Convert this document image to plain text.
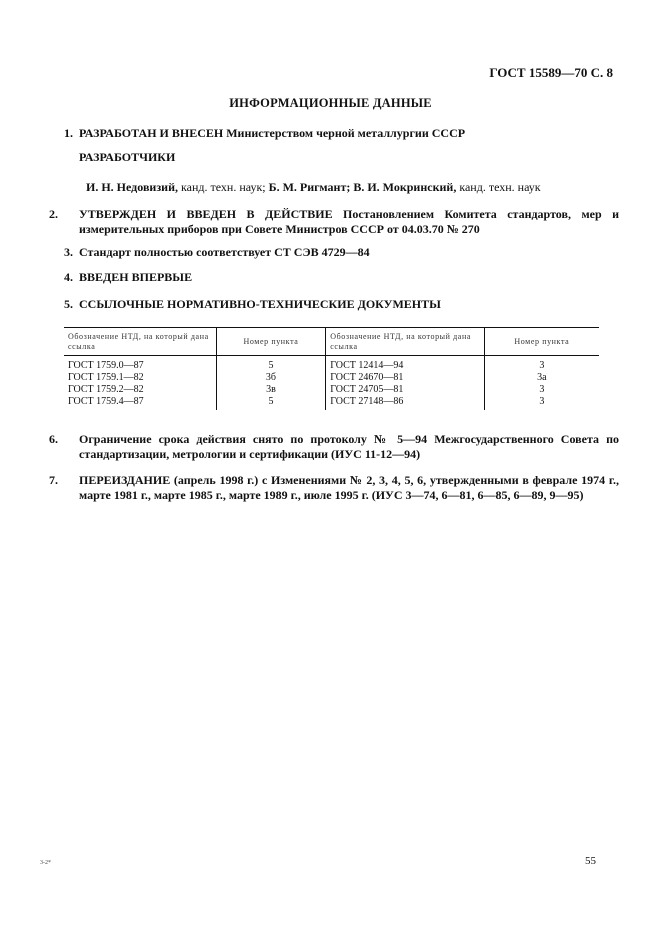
ГОСТ 15589—70 С. 8
ИНФОРМАЦИОННЫЕ ДАННЫЕ
1. РАЗРАБОТАН И ВНЕСЕН Министерством черной металлургии СССР
РАЗРАБОТЧИКИ
И. Н. Недовизий, канд. техн. наук; Б. М. Ригмант; В. И. Мокринский, канд. техн. наук
2. УТВЕРЖДЕН И ВВЕДЕН В ДЕЙСТВИЕ Постановлением Комитета стандартов, мер и измерительных приборов при Совете Министров СССР от 04.03.70 № 270
3. Стандарт полностью соответствует СТ СЭВ 4729—84
4. ВВЕДЕН ВПЕРВЫЕ
5. ССЫЛОЧНЫЕ НОРМАТИВНО-ТЕХНИЧЕСКИЕ ДОКУМЕНТЫ
Обозначение НТД, на который дана ссылка	Номер пункта	Обозначение НТД, на который дана ссылка	Номер пункта
ГОСТ 1759.0—87	5	ГОСТ 12414—94	3
ГОСТ 1759.1—82	3б	ГОСТ 24670—81	3а
ГОСТ 1759.2—82	3в	ГОСТ 24705—81	3
ГОСТ 1759.4—87	5	ГОСТ 27148—86	3
6. Ограничение срока действия снято по протоколу № 5—94 Межгосударственного Совета по стандартизации, метрологии и сертификации (ИУС 11-12—94)
7. ПЕРЕИЗДАНИЕ (апрель 1998 г.) с Изменениями № 2, 3, 4, 5, 6, утвержденными в феврале 1974 г., марте 1981 г., марте 1985 г., марте 1989 г., июле 1995 г. (ИУС 3—74, 6—81, 6—85, 6—89, 9—95)
3-2*	55
